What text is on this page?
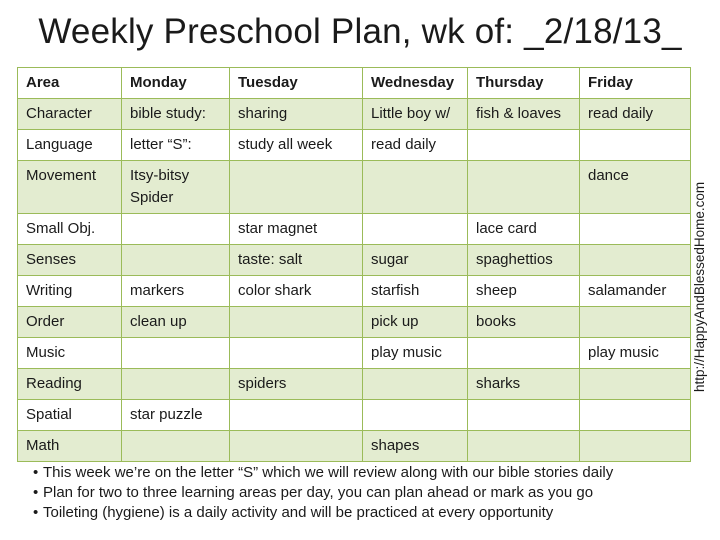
Weekly Preschool Plan, wk of: _2/18/13_
Area	Monday	Tuesday	Wednesday	Thursday	Friday
Character	bible study:	sharing	Little boy w/	fish & loaves	read daily
Language	letter “S”:	study all week	read daily		
Movement	Itsy-bitsy Spider				dance
Small Obj.		star magnet		lace card	
Senses		taste: salt	sugar	spaghettios	
Writing	markers	color shark	starfish	sheep	salamander
Order	clean up		pick up	books	
Music			play music		play music
Reading		spiders		sharks	
Spatial	star puzzle				
Math			shapes		
http://HappyAndBlessedHome.com
• This week we’re on the letter “S” which we will review along with our bible stories daily
• Plan for two to three learning areas per day, you can plan ahead or mark as you go
• Toileting (hygiene) is a daily activity and will be practiced at every opportunity
